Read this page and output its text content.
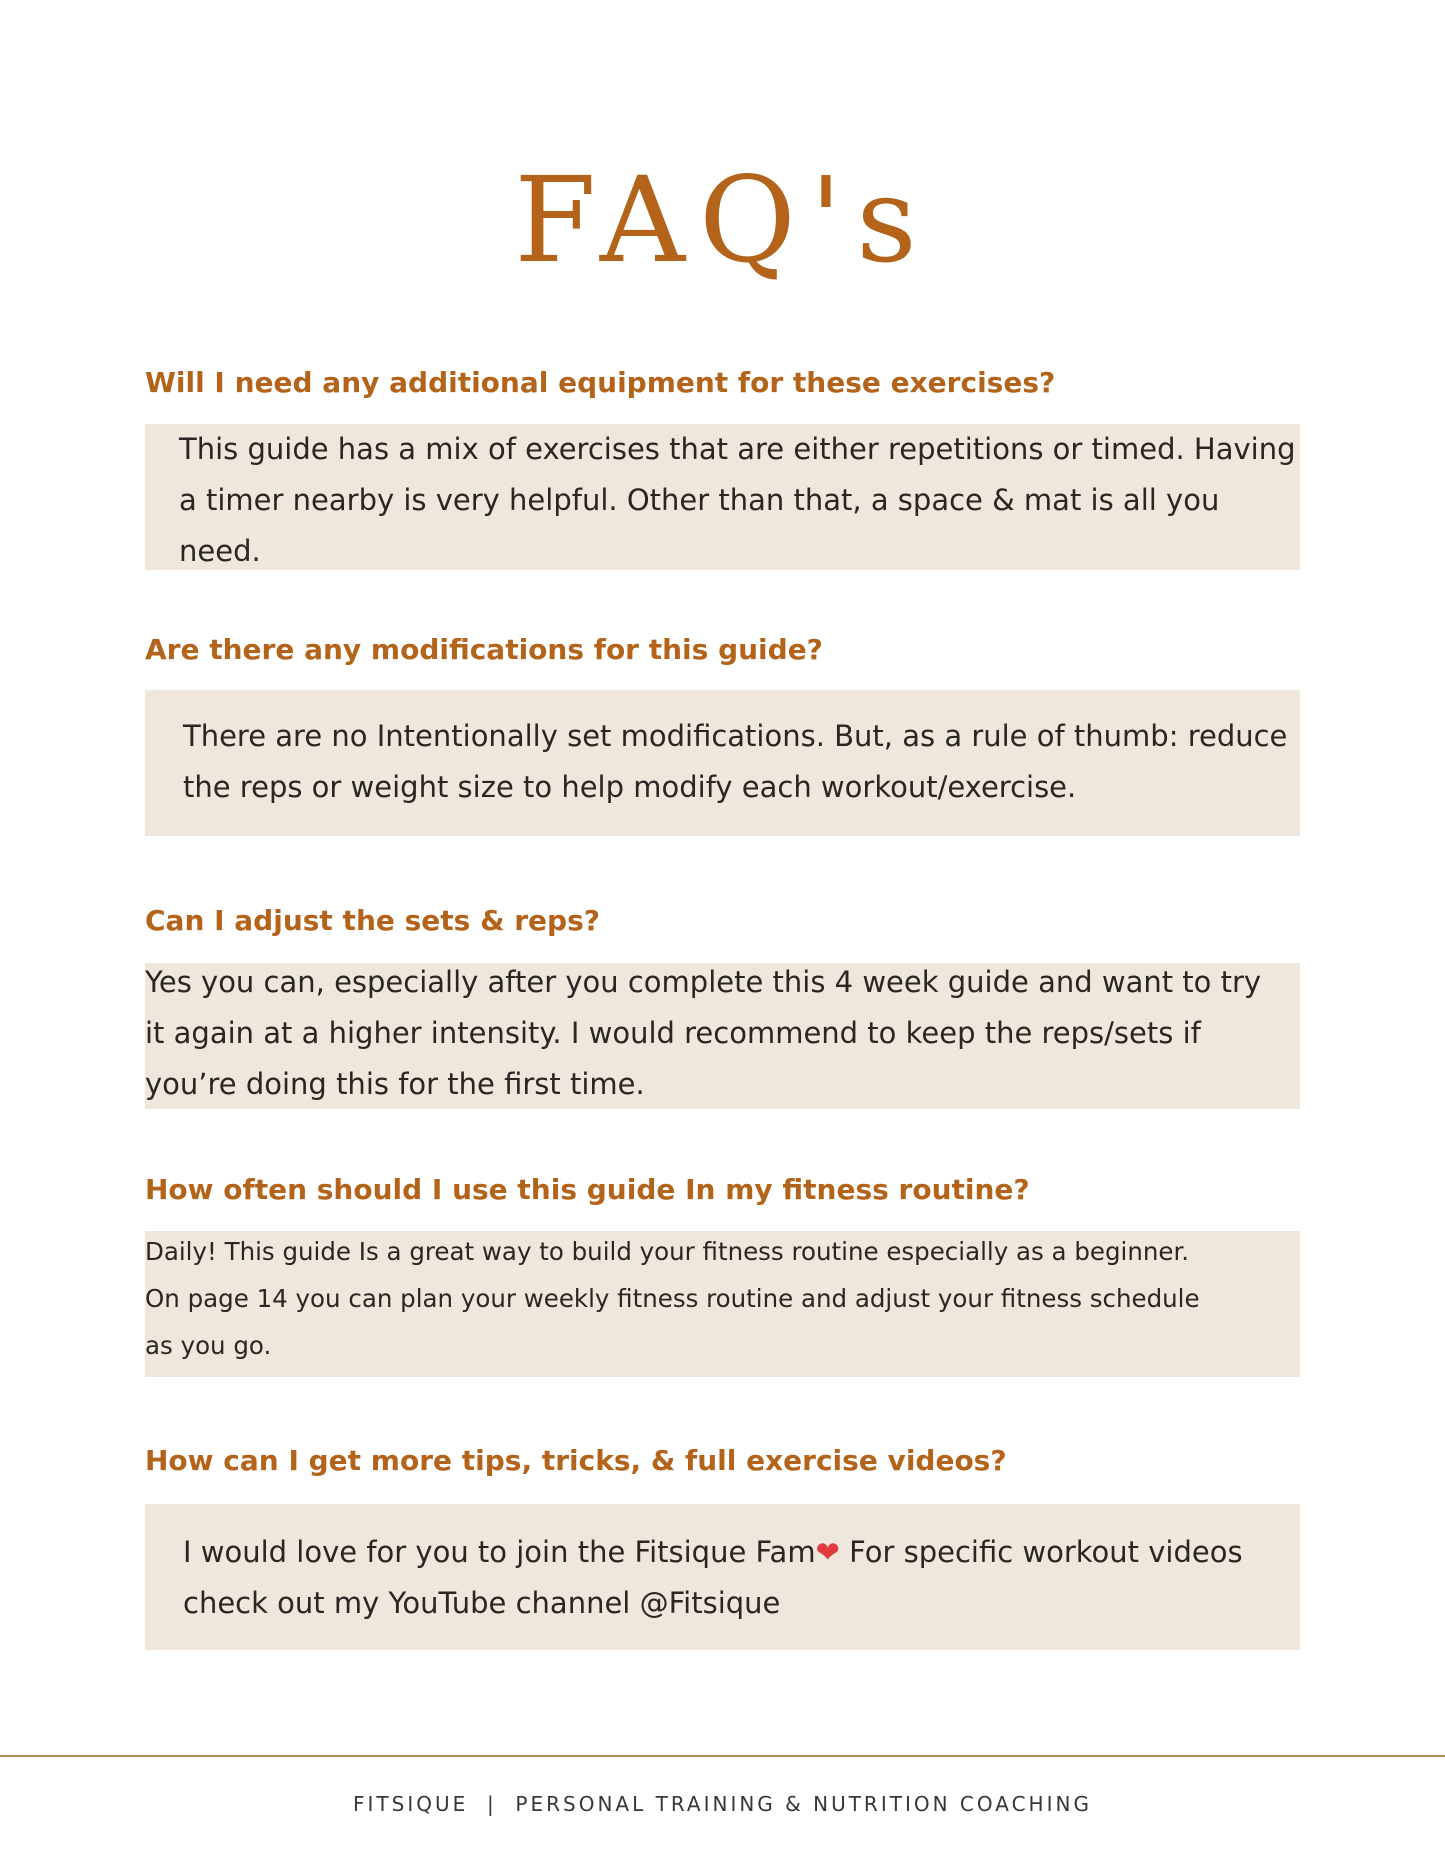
FAQ's
Will I need any additional equipment for these exercises?
This guide has a mix of exercises that are either repetitions or timed. Having
a timer nearby is very helpful. Other than that, a space & mat is all you need.
Are there any modifications for this guide?
There are no Intentionally set modifications. But, as a rule of thumb: reduce
the reps or weight size to help modify each workout/exercise.
Can I adjust the sets & reps?
Yes you can, especially after you complete this 4 week guide and want to try
it again at a higher intensity. I would recommend to keep the reps/sets if
you’re doing this for the first time.
How often should I use this guide In my fitness routine?
Daily! This guide Is a great way to build your fitness routine especially as a beginner.
On page 14 you can plan your weekly fitness routine and adjust your fitness schedule
as you go.
How can I get more tips, tricks, & full exercise videos?
I would love for you to join the Fitsique Fam❤ For specific workout videos
check out my YouTube channel @Fitsique
FITSIQUE  |  PERSONAL TRAINING & NUTRITION COACHING
